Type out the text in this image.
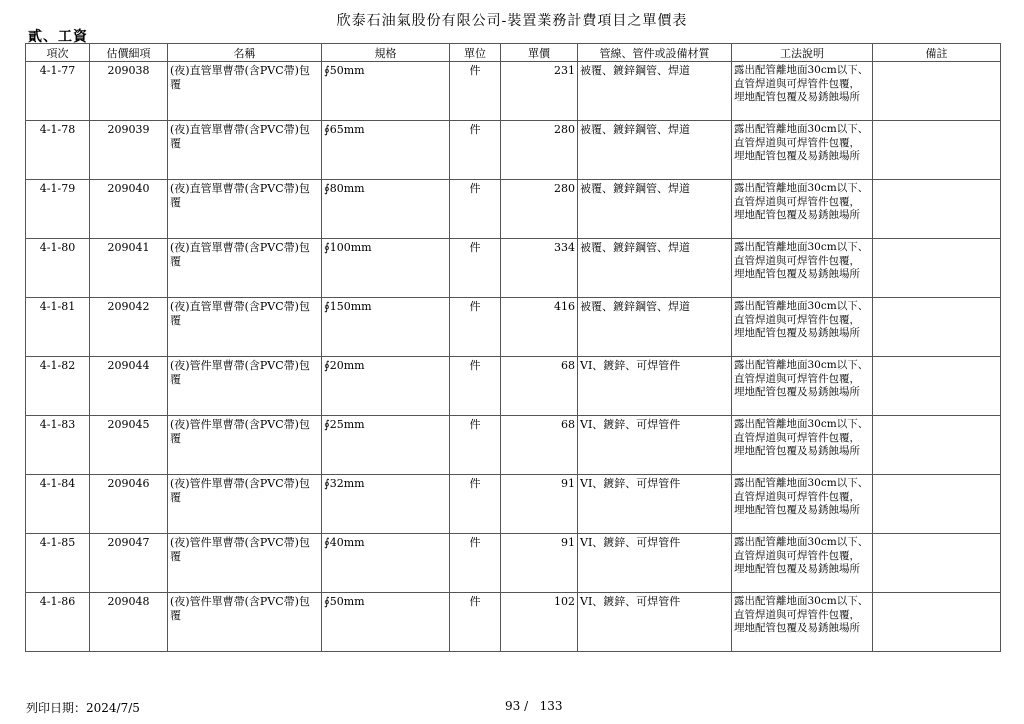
欣泰石油氣股份有限公司-裝置業務計費項目之單價表
貳、工資
項次	估價細項	名稱	規格	單位	單價	管線、管件或設備材質	工法說明	備註
4-1-77	209038	(夜)直管單曹帶(含PVC帶)包覆	∮50mm	件	231	被覆、鍍鋅鋼管、焊道	露出配管離地面30cm以下、直管焊道與可焊管件包覆，埋地配管包覆及易銹蝕場所	
4-1-78	209039	(夜)直管單曹帶(含PVC帶)包覆	∮65mm	件	280	被覆、鍍鋅鋼管、焊道	露出配管離地面30cm以下、直管焊道與可焊管件包覆，埋地配管包覆及易銹蝕場所	
4-1-79	209040	(夜)直管單曹帶(含PVC帶)包覆	∮80mm	件	280	被覆、鍍鋅鋼管、焊道	露出配管離地面30cm以下、直管焊道與可焊管件包覆，埋地配管包覆及易銹蝕場所	
4-1-80	209041	(夜)直管單曹帶(含PVC帶)包覆	∮100mm	件	334	被覆、鍍鋅鋼管、焊道	露出配管離地面30cm以下、直管焊道與可焊管件包覆，埋地配管包覆及易銹蝕場所	
4-1-81	209042	(夜)直管單曹帶(含PVC帶)包覆	∮150mm	件	416	被覆、鍍鋅鋼管、焊道	露出配管離地面30cm以下、直管焊道與可焊管件包覆，埋地配管包覆及易銹蝕場所	
4-1-82	209044	(夜)管件單曹帶(含PVC帶)包覆	∮20mm	件	68	VI、鍍鋅、可焊管件	露出配管離地面30cm以下、直管焊道與可焊管件包覆，埋地配管包覆及易銹蝕場所	
4-1-83	209045	(夜)管件單曹帶(含PVC帶)包覆	∮25mm	件	68	VI、鍍鋅、可焊管件	露出配管離地面30cm以下、直管焊道與可焊管件包覆，埋地配管包覆及易銹蝕場所	
4-1-84	209046	(夜)管件單曹帶(含PVC帶)包覆	∮32mm	件	91	VI、鍍鋅、可焊管件	露出配管離地面30cm以下、直管焊道與可焊管件包覆，埋地配管包覆及易銹蝕場所	
4-1-85	209047	(夜)管件單曹帶(含PVC帶)包覆	∮40mm	件	91	VI、鍍鋅、可焊管件	露出配管離地面30cm以下、直管焊道與可焊管件包覆，埋地配管包覆及易銹蝕場所	
4-1-86	209048	(夜)管件單曹帶(含PVC帶)包覆	∮50mm	件	102	VI、鍍鋅、可焊管件	露出配管離地面30cm以下、直管焊道與可焊管件包覆，埋地配管包覆及易銹蝕場所	
列印日期：2024/7/5	93 /   133
